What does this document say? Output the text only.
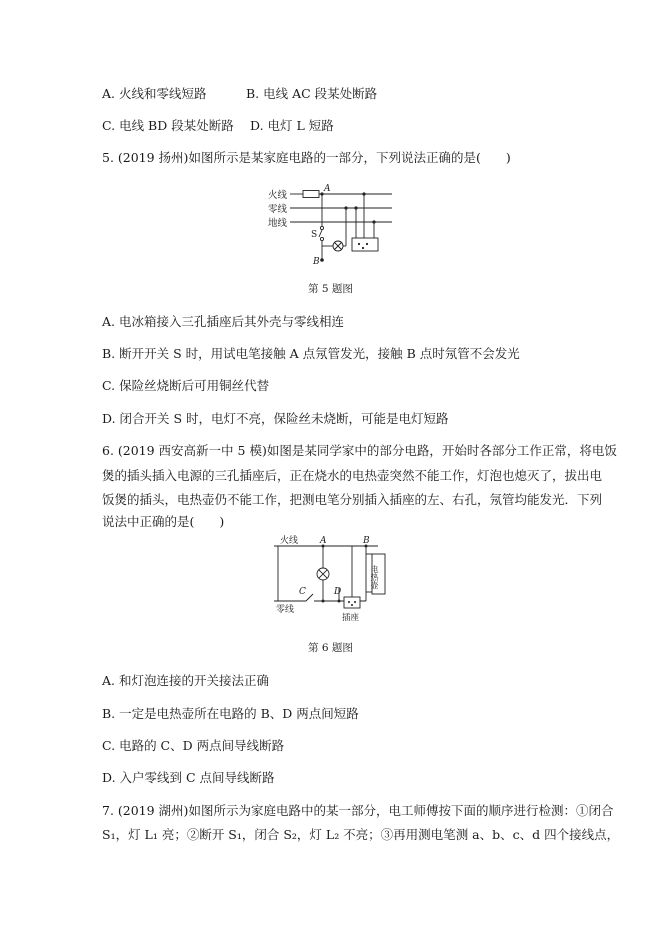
A. 火线和零线短路	B. 电线 AC 段某处断路
C. 电线 BD 段某处断路 D. 电灯 L 短路
5. (2019 扬州)如图所示是某家庭电路的一部分，下列说法正确的是(　　)
火线
零线
地线
A
S
B
第 5 题图
A. 电冰箱接入三孔插座后其外壳与零线相连
B. 断开开关 S 时，用试电笔接触 A 点氖管发光，接触 B 点时氖管不会发光
C. 保险丝烧断后可用铜丝代替
D. 闭合开关 S 时，电灯不亮，保险丝未烧断，可能是电灯短路
6. (2019 西安高新一中 5 模)如图是某同学家中的部分电路，开始时各部分工作正常，将电饭
煲的插头插入电源的三孔插座后，正在烧水的电热壶突然不能工作，灯泡也熄灭了，拔出电
饭煲的插头，电热壶仍不能工作，把测电笔分别插入插座的左、右孔，氖管均能发光．下列
说法中正确的是(　　)
火线
零线
A	B
C	D
插座
电热壶
第 6 题图
A. 和灯泡连接的开关接法正确
B. 一定是电热壶所在电路的 B、D 两点间短路
C. 电路的 C、D 两点间导线断路
D. 入户零线到 C 点间导线断路
7. (2019 湖州)如图所示为家庭电路中的某一部分，电工师傅按下面的顺序进行检测：①闭合
S₁，灯 L₁ 亮；②断开 S₁，闭合 S₂，灯 L₂ 不亮；③再用测电笔测 a、b、c、d 四个接线点，
